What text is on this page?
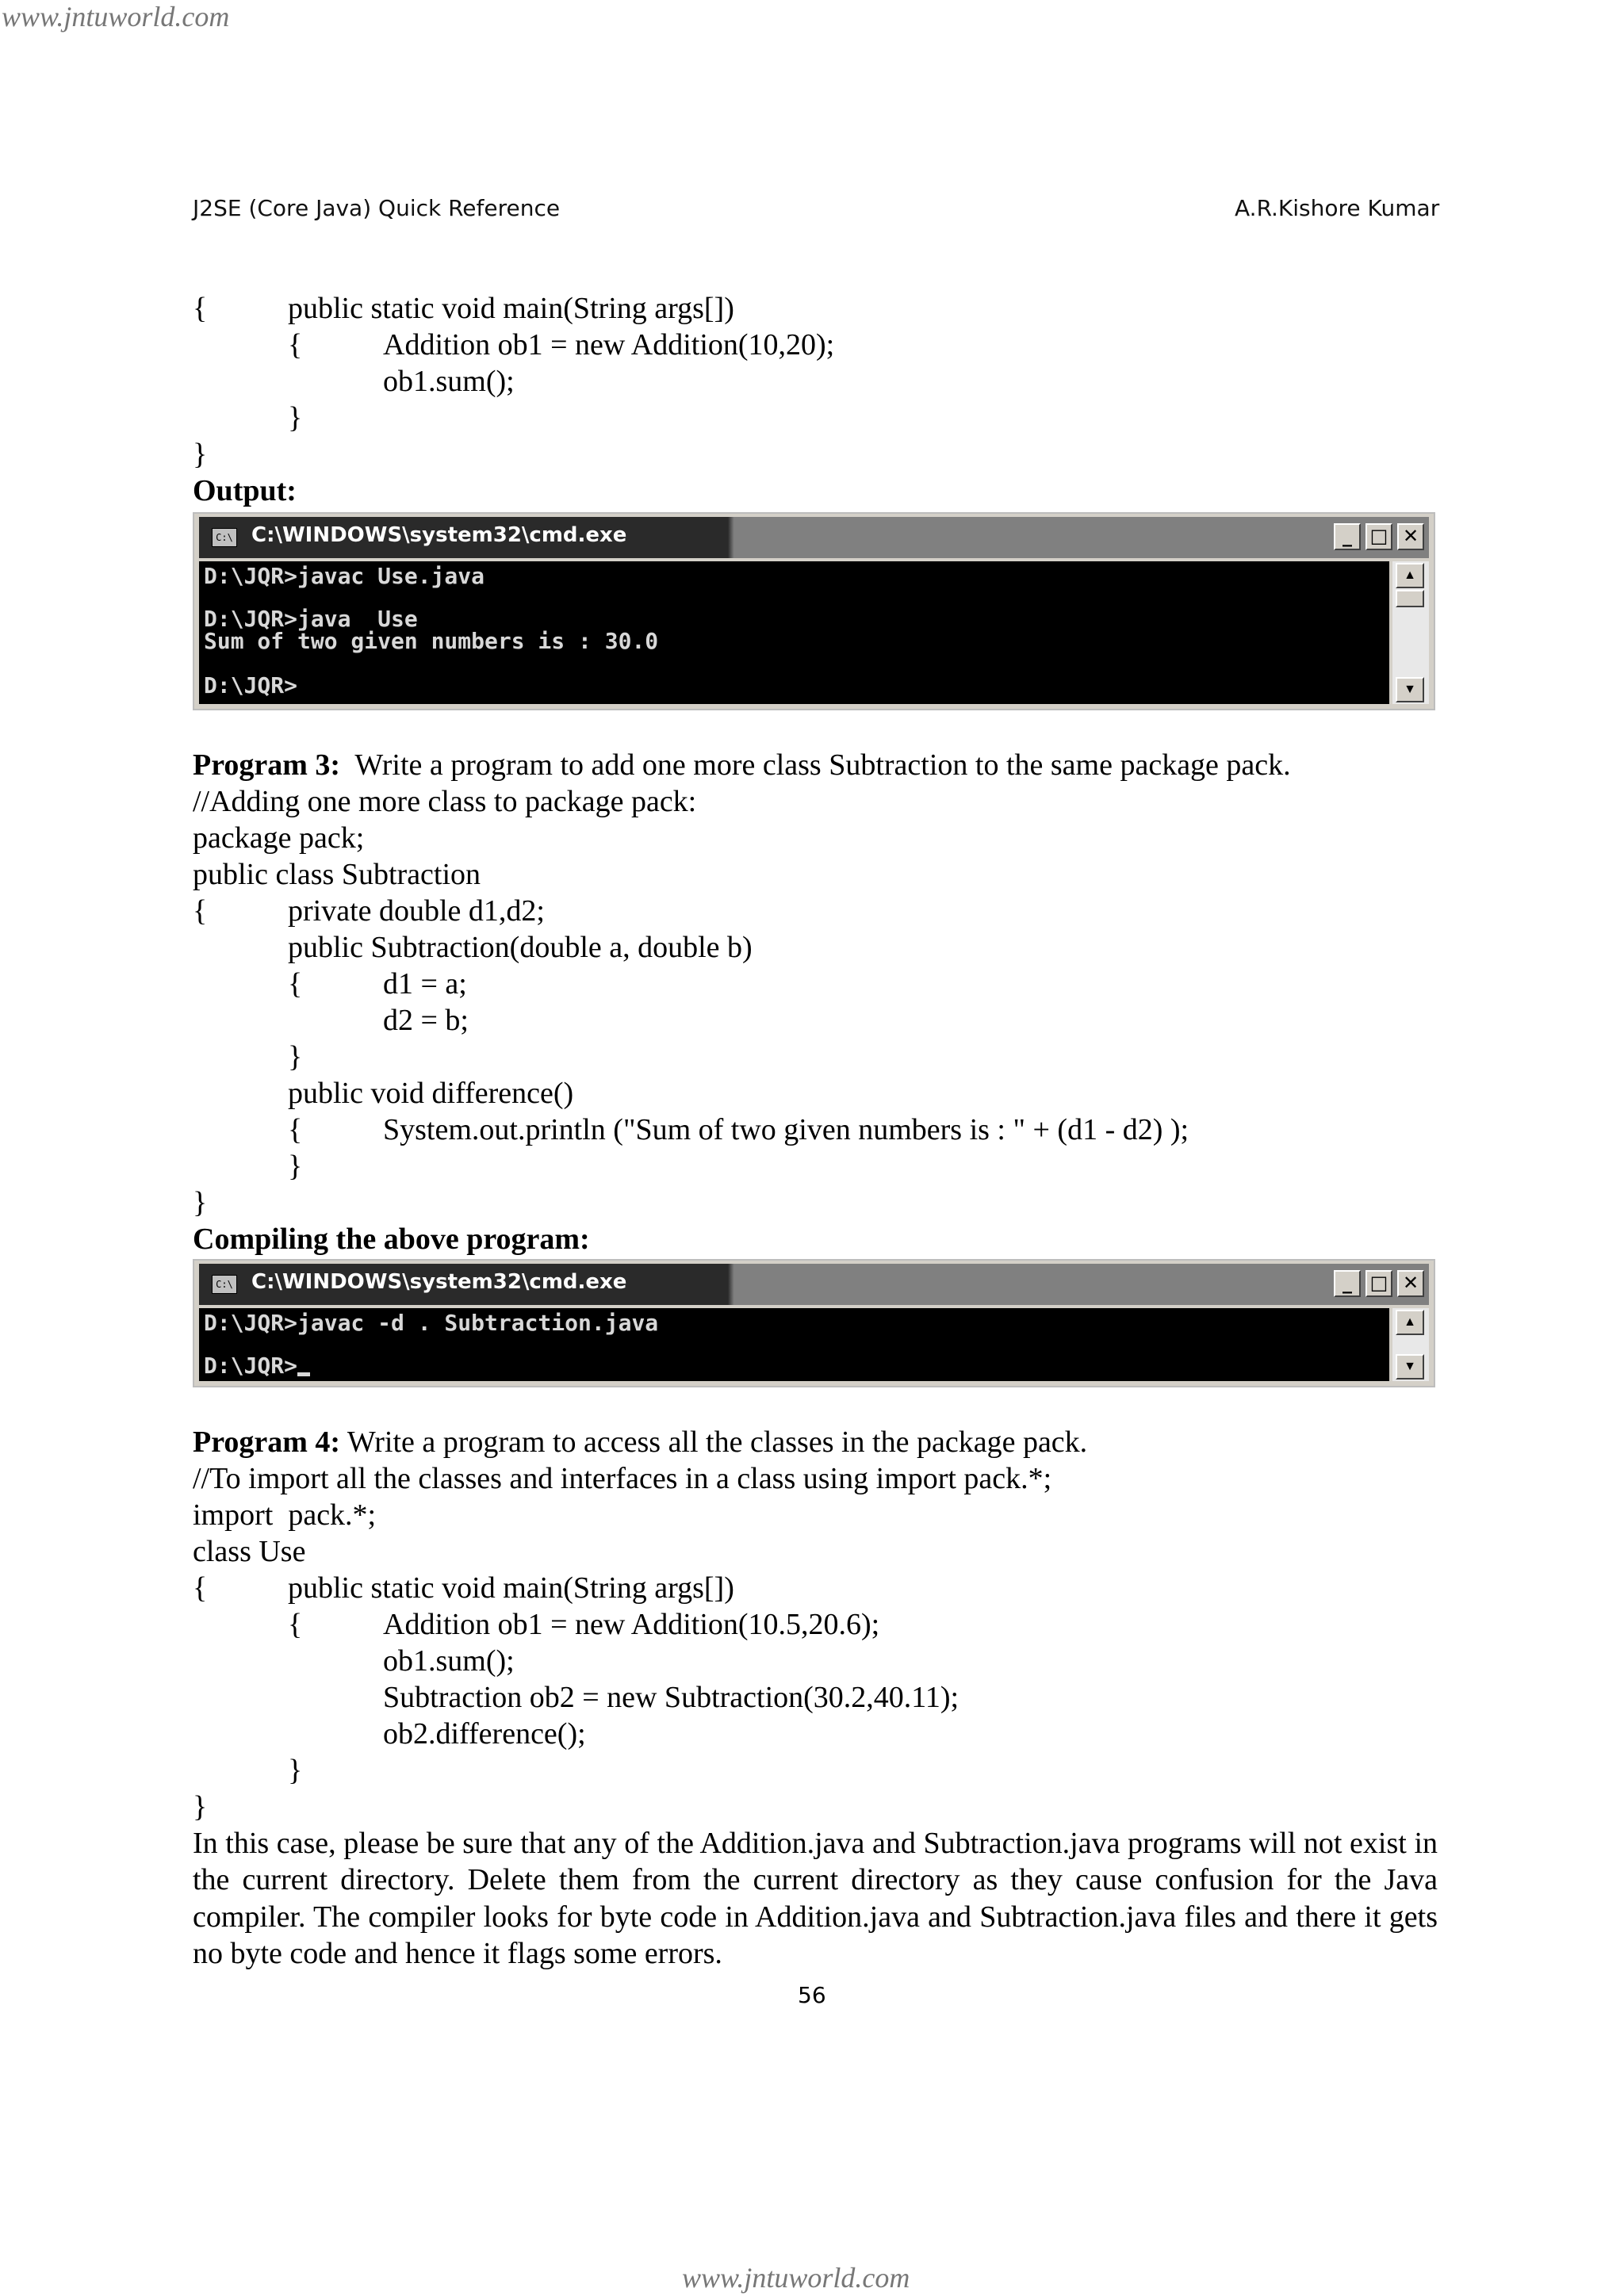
www.jntuworld.com
J2SE (Core Java) Quick Reference	A.R.Kishore Kumar
{	public static void main(String args[])
{	Addition ob1 = new Addition(10,20);
ob1.sum();
}
}
Output:
C:\ C:\WINDOWS\system32\cmd.exe	_ □ ✕
D:\JQR>javac Use.java
D:\JQR>java  Use
Sum of two given numbers is : 30.0
D:\JQR>
▲
▼
Program 3:  Write a program to add one more class Subtraction to the same package pack.
//Adding one more class to package pack:
package pack;
public class Subtraction
{	private double d1,d2;
public Subtraction(double a, double b)
{	d1 = a;
d2 = b;
}
public void difference()
{	System.out.println ("Sum of two given numbers is : " + (d1 - d2) );
}
}
Compiling the above program:
C:\ C:\WINDOWS\system32\cmd.exe	_ □ ✕
D:\JQR>javac -d . Subtraction.java
D:\JQR>
▲
▼
Program 4: Write a program to access all the classes in the package pack.
//To import all the classes and interfaces in a class using import pack.*;
import  pack.*;
class Use
{	public static void main(String args[])
{	Addition ob1 = new Addition(10.5,20.6);
ob1.sum();
Subtraction ob2 = new Subtraction(30.2,40.11);
ob2.difference();
}
}
In this case, please be sure that any of the Addition.java and Subtraction.java programs will not exist in the current directory. Delete them from the current directory as they cause confusion for the Java compiler. The compiler looks for byte code in Addition.java and Subtraction.java files and there it gets no byte code and hence it flags some errors.
56
www.jntuworld.com
